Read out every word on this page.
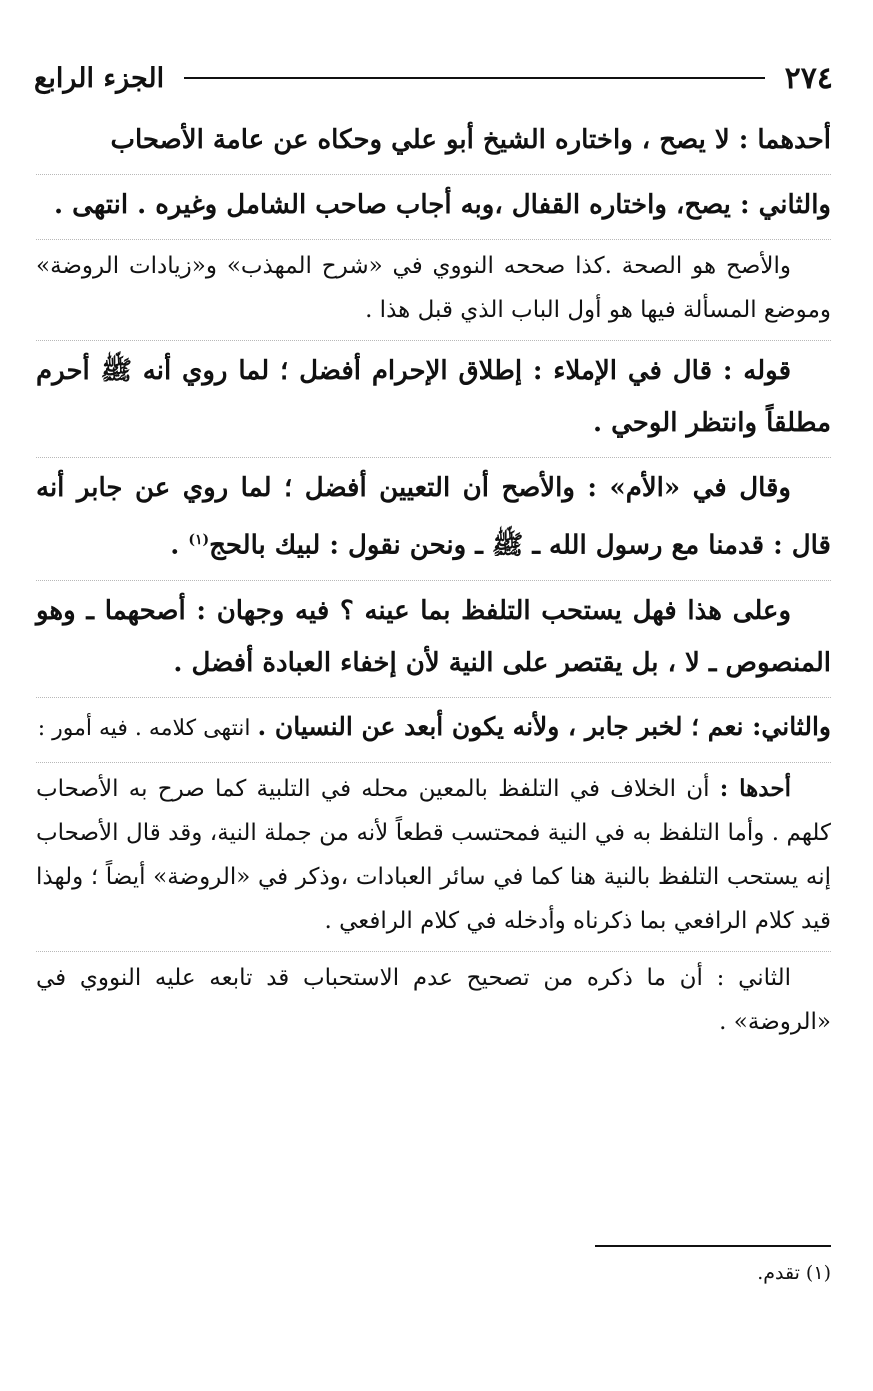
٢٧٤
الجزء الرابع

أحدهما : لا يصح ، واختاره الشيخ أبو علي وحكاه عن عامة الأصحاب

والثاني : يصح، واختاره القفال ،وبه أجاب صاحب الشامل وغيره . انتهى .

والأصح هو الصحة .كذا صححه النووي في «شرح المهذب» و«زيادات الروضة» وموضع المسألة فيها هو أول الباب الذي قبل هذا .

قوله : قال في الإملاء : إطلاق الإحرام أفضل ؛ لما روي أنه ﷺ أحرم مطلقاً وانتظر الوحي .

وقال في «الأم» : والأصح أن التعيين أفضل ؛ لما روي عن جابر أنه قال : قدمنا مع رسول الله ـ ﷺ ـ ونحن نقول : لبيك بالحج$^{(١)}$ .

وعلى هذا فهل يستحب التلفظ بما عينه ؟ فيه وجهان : أصحهما ـ وهو المنصوص ـ لا ، بل يقتصر على النية لأن إخفاء العبادة أفضل .

والثاني: نعم ؛ لخبر جابر ، ولأنه يكون أبعد عن النسيان . انتهى كلامه . فيه أمور :

أحدها : أن الخلاف في التلفظ بالمعين محله في التلبية كما صرح به الأصحاب كلهم . وأما التلفظ به في النية فمحتسب قطعاً لأنه من جملة النية، وقد قال الأصحاب إنه يستحب التلفظ بالنية هنا كما في سائر العبادات ،وذكر في «الروضة» أيضاً ؛ ولهذا قيد كلام الرافعي بما ذكرناه وأدخله في كلام الرافعي .

الثاني : أن ما ذكره من تصحيح عدم الاستحباب قد تابعه عليه النووي في «الروضة» .

(١) تقدم.
